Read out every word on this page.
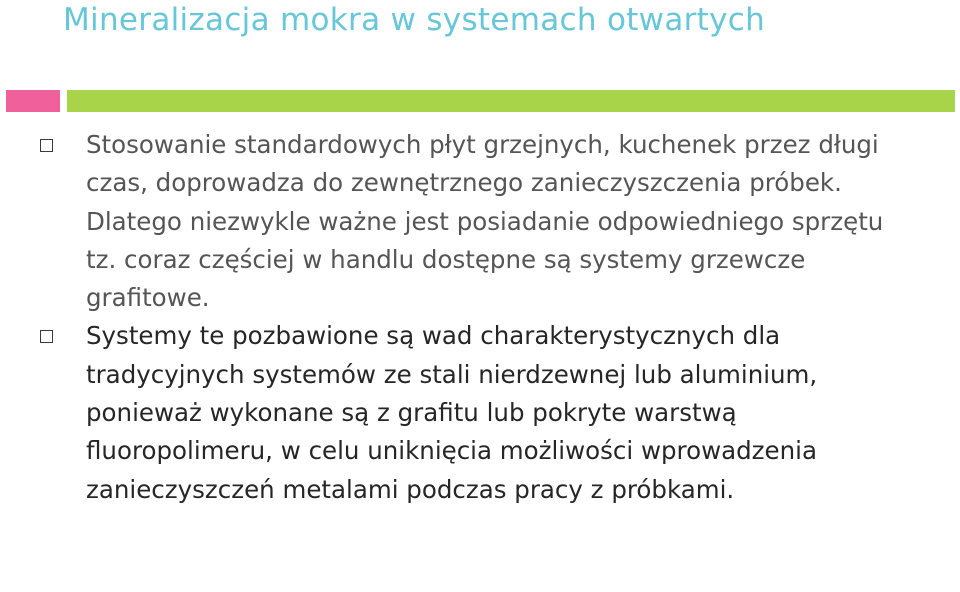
Mineralizacja mokra w systemach otwartych
Stosowanie standardowych płyt grzejnych, kuchenek przez długi czas, doprowadza do zewnętrznego zanieczyszczenia próbek. Dlatego niezwykle ważne jest posiadanie odpowiedniego sprzętu tz. coraz częściej w handlu dostępne są systemy grzewcze grafitowe.
Systemy te pozbawione są wad charakterystycznych dla tradycyjnych systemów ze stali nierdzewnej lub aluminium, ponieważ wykonane są z grafitu lub pokryte warstwą fluoropolimeru, w celu uniknięcia możliwości wprowadzenia zanieczyszczeń metalami podczas pracy z próbkami.
